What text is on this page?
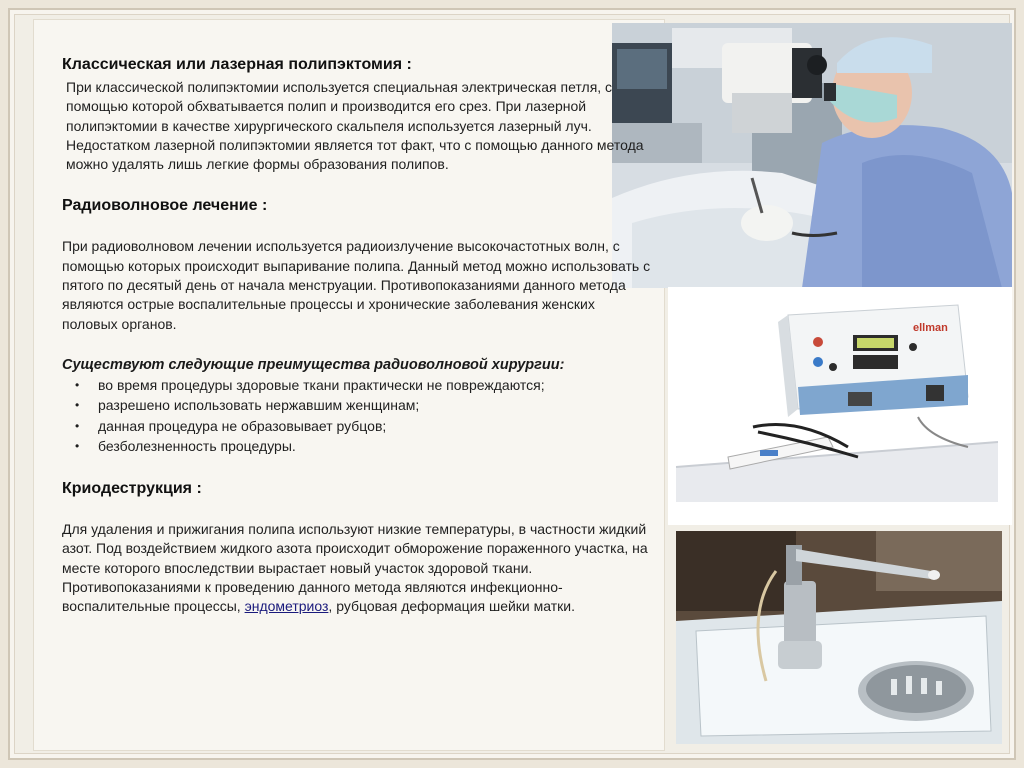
ellman

Классическая или лазерная полипэктомия :

При классической полипэктомии используется специальная электрическая петля, с помощью которой обхватывается полип и производится его срез. При лазерной полипэктомии в качестве хирургического скальпеля используется лазерный луч. Недостатком лазерной полипэктомии является тот факт, что с помощью данного метода можно удалять лишь легкие формы образования полипов.

Радиоволновое лечение :

При радиоволновом лечении используется радиоизлучение высокочастотных волн, с помощью которых происходит выпаривание полипа. Данный метод можно использовать с пятого по десятый день от начала менструации. Противопоказаниями данного метода являются острые воспалительные процессы и хронические заболевания женских половых органов.

Существуют следующие преимущества радиоволновой хирургии:

• во время процедуры здоровые ткани практически не повреждаются;
• разрешено использовать нержавшим женщинам;
• данная процедура не образовывает рубцов;
• безболезненность процедуры.

Криодеструкция :

Для удаления и прижигания полипа используют низкие температуры, в частности жидкий азот. Под воздействием жидкого азота происходит обморожение пораженного участка, на месте которого впоследствии вырастает новый участок здоровой ткани. Противопоказаниями к проведению данного метода являются инфекционно-воспалительные процессы, эндометриоз, рубцовая деформация шейки матки.
